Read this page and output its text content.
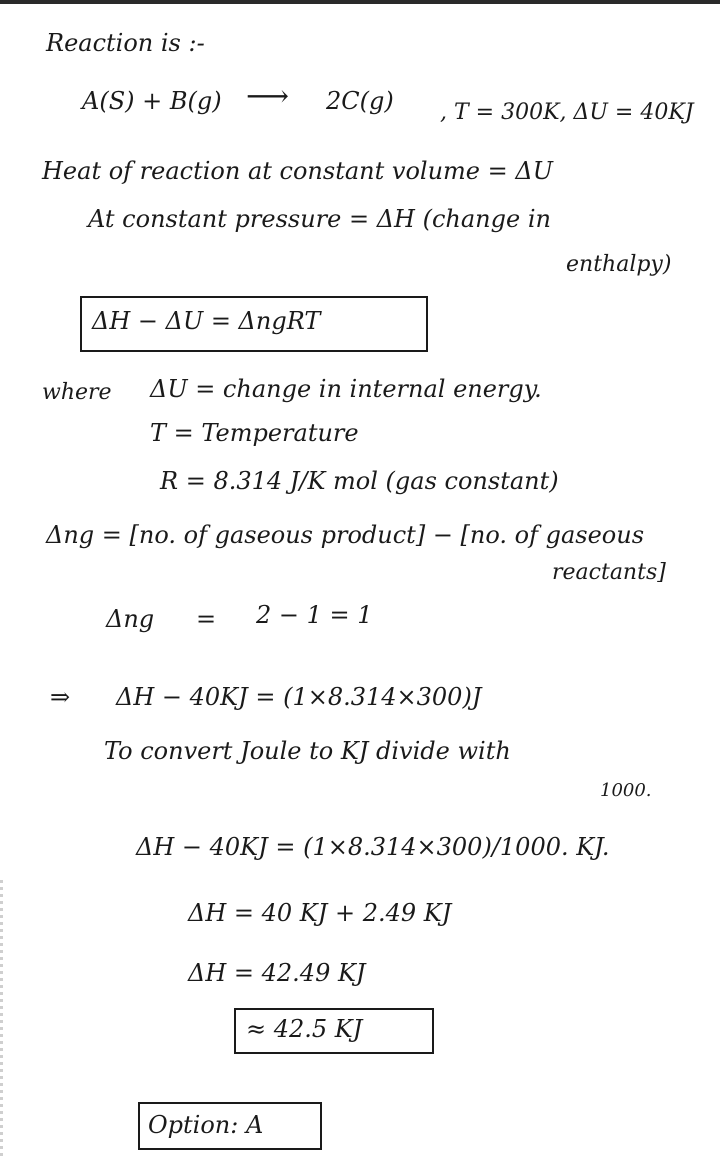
Reaction is :-
A(S) + B(g) ⟶ 2C(g) , T = 300K, ΔU = 40KJ
Heat of reaction at constant volume = ΔU
At constant pressure = ΔH (change in
enthalpy)
ΔH − ΔU = ΔngRT
where ΔU = change in internal energy.
T = Temperature
R = 8.314 J/K mol (gas constant)
Δng = [no. of gaseous product] − [no. of gaseous
reactants]
Δng = 2 − 1 = 1
⇒ ΔH − 40KJ = (1×8.314×300)J
To convert Joule to KJ divide with
1000.
ΔH − 40KJ = (1×8.314×300)/1000. KJ.
ΔH = 40 KJ + 2.49 KJ
ΔH = 42.49 KJ
≈ 42.5 KJ
Option: A
